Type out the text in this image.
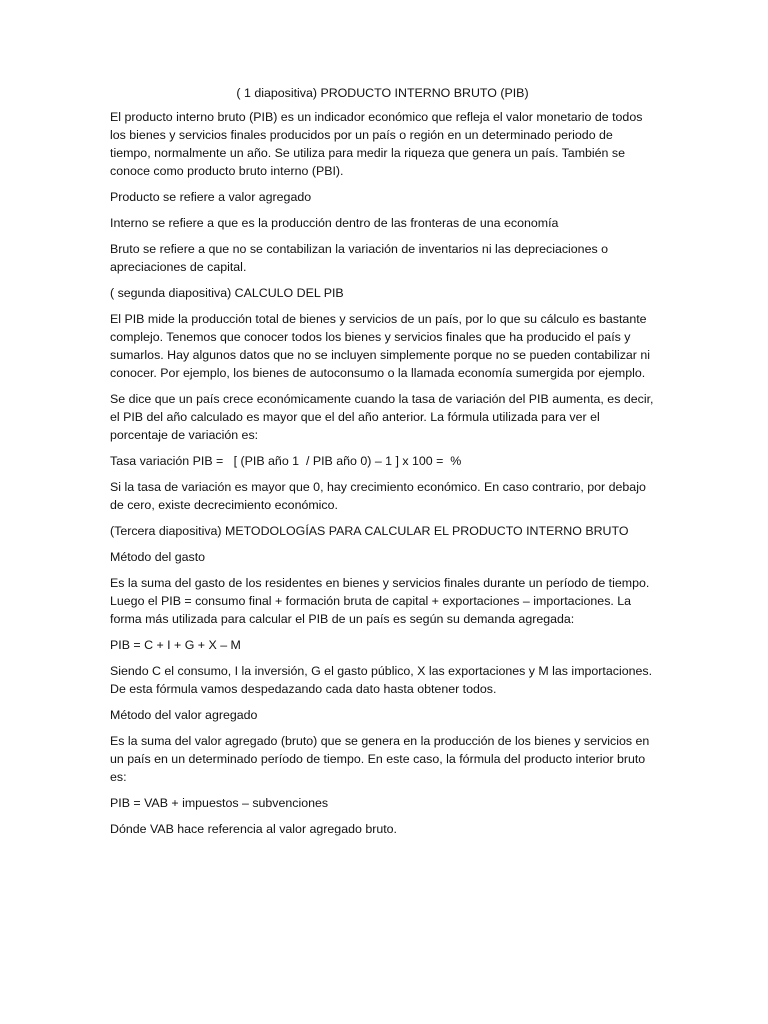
( 1 diapositiva) PRODUCTO INTERNO BRUTO (PIB)
El producto interno bruto (PIB) es un indicador económico que refleja el valor monetario de todos los bienes y servicios finales producidos por un país o región en un determinado periodo de tiempo, normalmente un año. Se utiliza para medir la riqueza que genera un país. También se conoce como producto bruto interno (PBI).
Producto se refiere a valor agregado
Interno se refiere a que es la producción dentro de las fronteras de una economía
Bruto se refiere a que no se contabilizan la variación de inventarios ni las depreciaciones o apreciaciones de capital.
( segunda diapositiva) CALCULO DEL PIB
El PIB mide la producción total de bienes y servicios de un país, por lo que su cálculo es bastante complejo. Tenemos que conocer todos los bienes y servicios finales que ha producido el país y sumarlos. Hay algunos datos que no se incluyen simplemente porque no se pueden contabilizar ni conocer. Por ejemplo, los bienes de autoconsumo o la llamada economía sumergida por ejemplo.
Se dice que un país crece económicamente cuando la tasa de variación del PIB aumenta, es decir, el PIB del año calculado es mayor que el del año anterior. La fórmula utilizada para ver el porcentaje de variación es:
Tasa variación PIB =   [ (PIB año 1  / PIB año 0) – 1 ] x 100 =  %
Si la tasa de variación es mayor que 0, hay crecimiento económico. En caso contrario, por debajo de cero, existe decrecimiento económico.
(Tercera diapositiva) METODOLOGÍAS PARA CALCULAR EL PRODUCTO INTERNO BRUTO
Método del gasto
Es la suma del gasto de los residentes en bienes y servicios finales durante un período de tiempo. Luego el PIB = consumo final + formación bruta de capital + exportaciones – importaciones. La forma más utilizada para calcular el PIB de un país es según su demanda agregada:
PIB = C + I + G + X – M
Siendo C el consumo, I la inversión, G el gasto público, X las exportaciones y M las importaciones. De esta fórmula vamos despedazando cada dato hasta obtener todos.
Método del valor agregado
Es la suma del valor agregado (bruto) que se genera en la producción de los bienes y servicios en un país en un determinado período de tiempo. En este caso, la fórmula del producto interior bruto es:
PIB = VAB + impuestos – subvenciones
Dónde VAB hace referencia al valor agregado bruto.
